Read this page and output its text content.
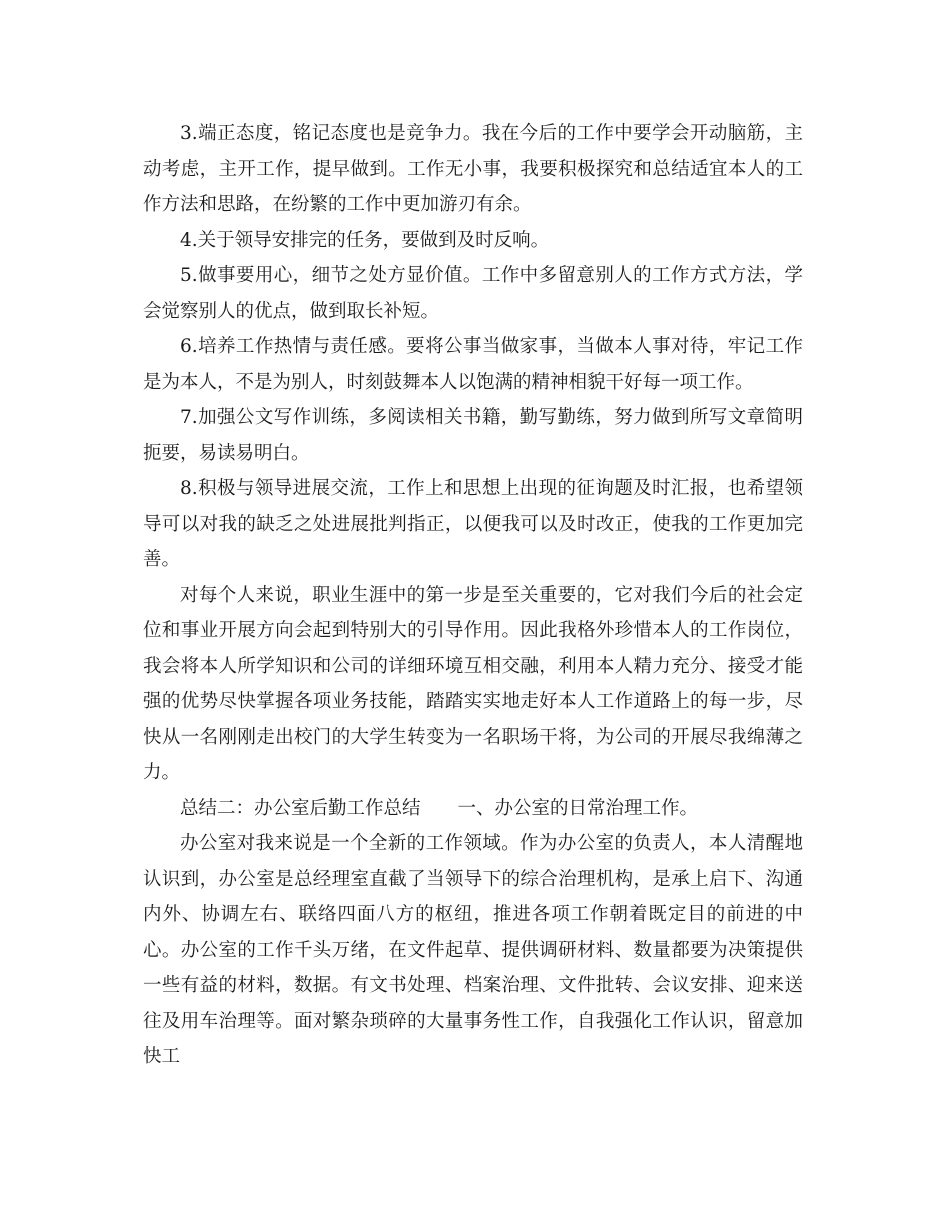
3.端正态度，铭记态度也是竞争力。我在今后的工作中要学会开动脑筋，主动考虑，主开工作，提早做到。工作无小事，我要积极探究和总结适宜本人的工作方法和思路，在纷繁的工作中更加游刃有余。

4.关于领导安排完的任务，要做到及时反响。

5.做事要用心，细节之处方显价值。工作中多留意别人的工作方式方法，学会觉察别人的优点，做到取长补短。

6.培养工作热情与责任感。要将公事当做家事，当做本人事对待，牢记工作是为本人，不是为别人，时刻鼓舞本人以饱满的精神相貌干好每一项工作。

7.加强公文写作训练，多阅读相关书籍，勤写勤练，努力做到所写文章简明扼要，易读易明白。

8.积极与领导进展交流，工作上和思想上出现的征询题及时汇报，也希望领导可以对我的缺乏之处进展批判指正，以便我可以及时改正，使我的工作更加完善。

对每个人来说，职业生涯中的第一步是至关重要的，它对我们今后的社会定位和事业开展方向会起到特别大的引导作用。因此我格外珍惜本人的工作岗位，我会将本人所学知识和公司的详细环境互相交融，利用本人精力充分、接受才能强的优势尽快掌握各项业务技能，踏踏实实地走好本人工作道路上的每一步，尽快从一名刚刚走出校门的大学生转变为一名职场干将，为公司的开展尽我绵薄之力。

总结二：办公室后勤工作总结　　一、办公室的日常治理工作。

办公室对我来说是一个全新的工作领域。作为办公室的负责人，本人清醒地认识到，办公室是总经理室直截了当领导下的综合治理机构，是承上启下、沟通内外、协调左右、联络四面八方的枢纽，推进各项工作朝着既定目的前进的中心。办公室的工作千头万绪，在文件起草、提供调研材料、数量都要为决策提供一些有益的材料，数据。有文书处理、档案治理、文件批转、会议安排、迎来送往及用车治理等。面对繁杂琐碎的大量事务性工作，自我强化工作认识，留意加快工
